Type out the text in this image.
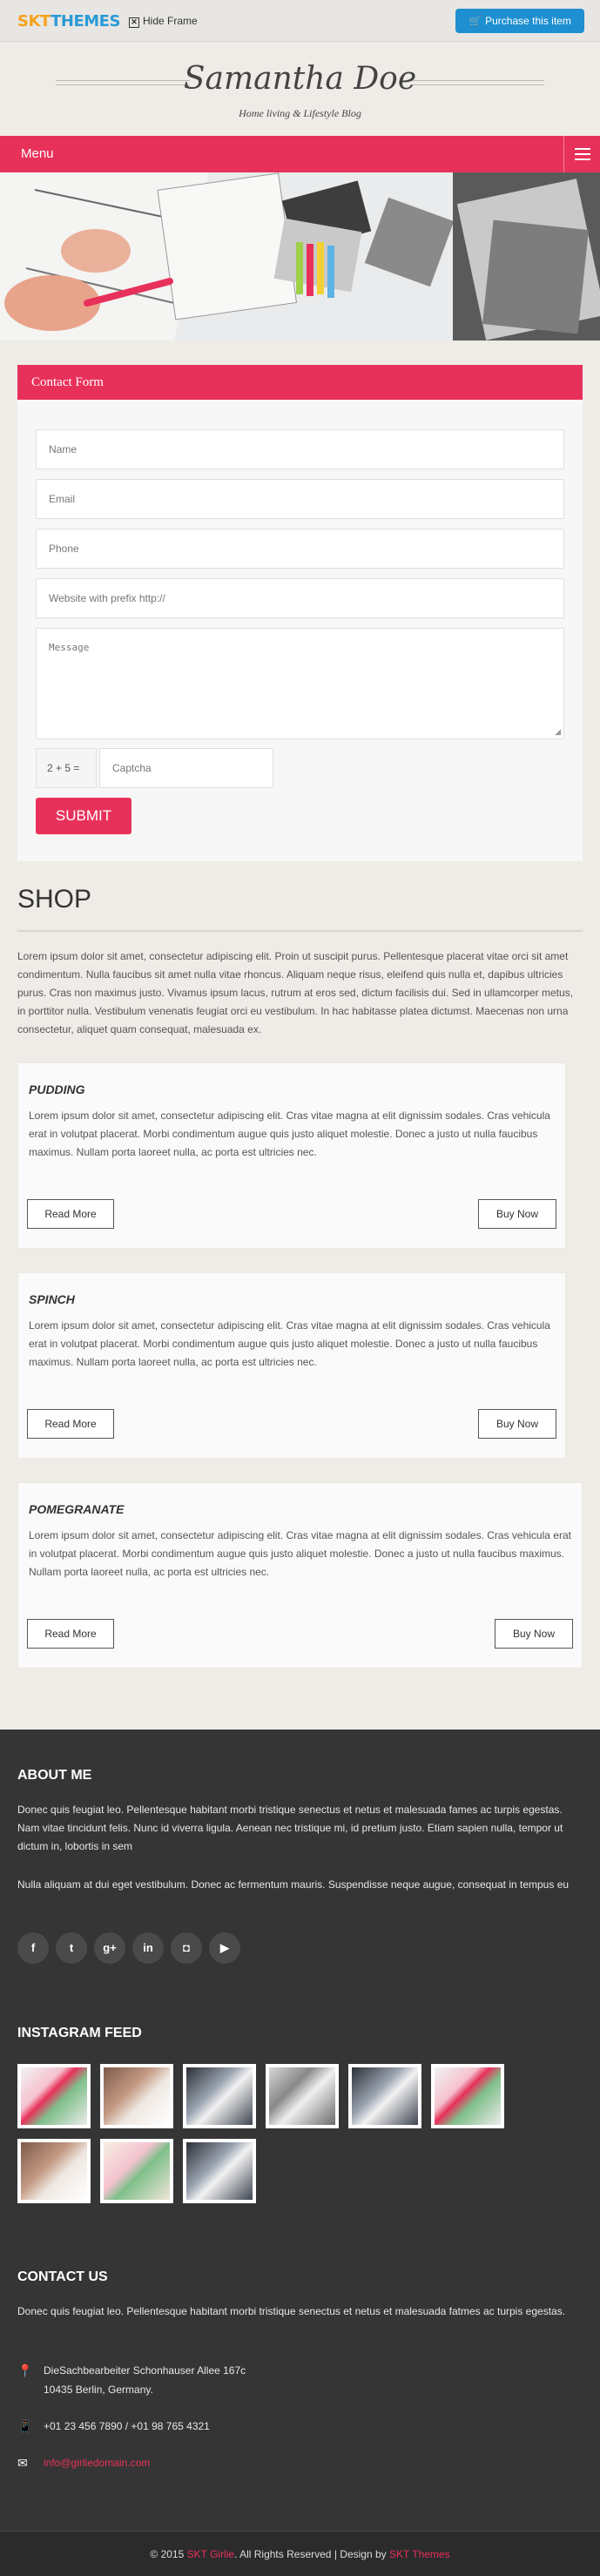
SKTTHEMES ✕ Hide Frame	🛒 Purchase this item
Samantha Doe
Home living & Lifestyle Blog
Menu
Contact Form
Name
Email
Phone
Website with prefix http://
Message
◢
2 + 5 =	Captcha
SUBMIT
SHOP
Lorem ipsum dolor sit amet, consectetur adipiscing elit. Proin ut suscipit purus. Pellentesque placerat vitae orci sit amet condimentum. Nulla faucibus sit amet nulla vitae rhoncus. Aliquam neque risus, eleifend quis nulla et, dapibus ultricies purus. Cras non maximus justo. Vivamus ipsum lacus, rutrum at eros sed, dictum facilisis dui. Sed in ullamcorper metus, in porttitor nulla. Vestibulum venenatis feugiat orci eu vestibulum. In hac habitasse platea dictumst. Maecenas non urna consectetur, aliquet quam consequat, malesuada ex.
PUDDING
Lorem ipsum dolor sit amet, consectetur adipiscing elit. Cras vitae magna at elit dignissim sodales. Cras vehicula erat in volutpat placerat. Morbi condimentum augue quis justo aliquet molestie. Donec a justo ut nulla faucibus maximus. Nullam porta laoreet nulla, ac porta est ultricies nec.
Read More	Buy Now
SPINCH
Lorem ipsum dolor sit amet, consectetur adipiscing elit. Cras vitae magna at elit dignissim sodales. Cras vehicula erat in volutpat placerat. Morbi condimentum augue quis justo aliquet molestie. Donec a justo ut nulla faucibus maximus. Nullam porta laoreet nulla, ac porta est ultricies nec.
Read More	Buy Now
POMEGRANATE
Lorem ipsum dolor sit amet, consectetur adipiscing elit. Cras vitae magna at elit dignissim sodales. Cras vehicula erat in volutpat placerat. Morbi condimentum augue quis justo aliquet molestie. Donec a justo ut nulla faucibus maximus. Nullam porta laoreet nulla, ac porta est ultricies nec.
Read More	Buy Now
ABOUT ME
Donec quis feugiat leo. Pellentesque habitant morbi tristique senectus et netus et malesuada fames ac turpis egestas. Nam vitae tincidunt felis. Nunc id viverra ligula. Aenean nec tristique mi, id pretium justo. Etiam sapien nulla, tempor ut dictum in, lobortis in sem
Nulla aliquam at dui eget vestibulum. Donec ac fermentum mauris. Suspendisse neque augue, consequat in tempus eu
f	t	g+	in	◘	▶
INSTAGRAM FEED
CONTACT US
Donec quis feugiat leo. Pellentesque habitant morbi tristique senectus et netus et malesuada fatmes ac turpis egestas.
📍 DieSachbearbeiter Schonhauser Allee 167c
10435 Berlin, Germany.
📱 +01 23 456 7890 / +01 98 765 4321
✉ info@girliedomain.com
© 2015 SKT Girlie. All Rights Reserved | Design by SKT Themes
